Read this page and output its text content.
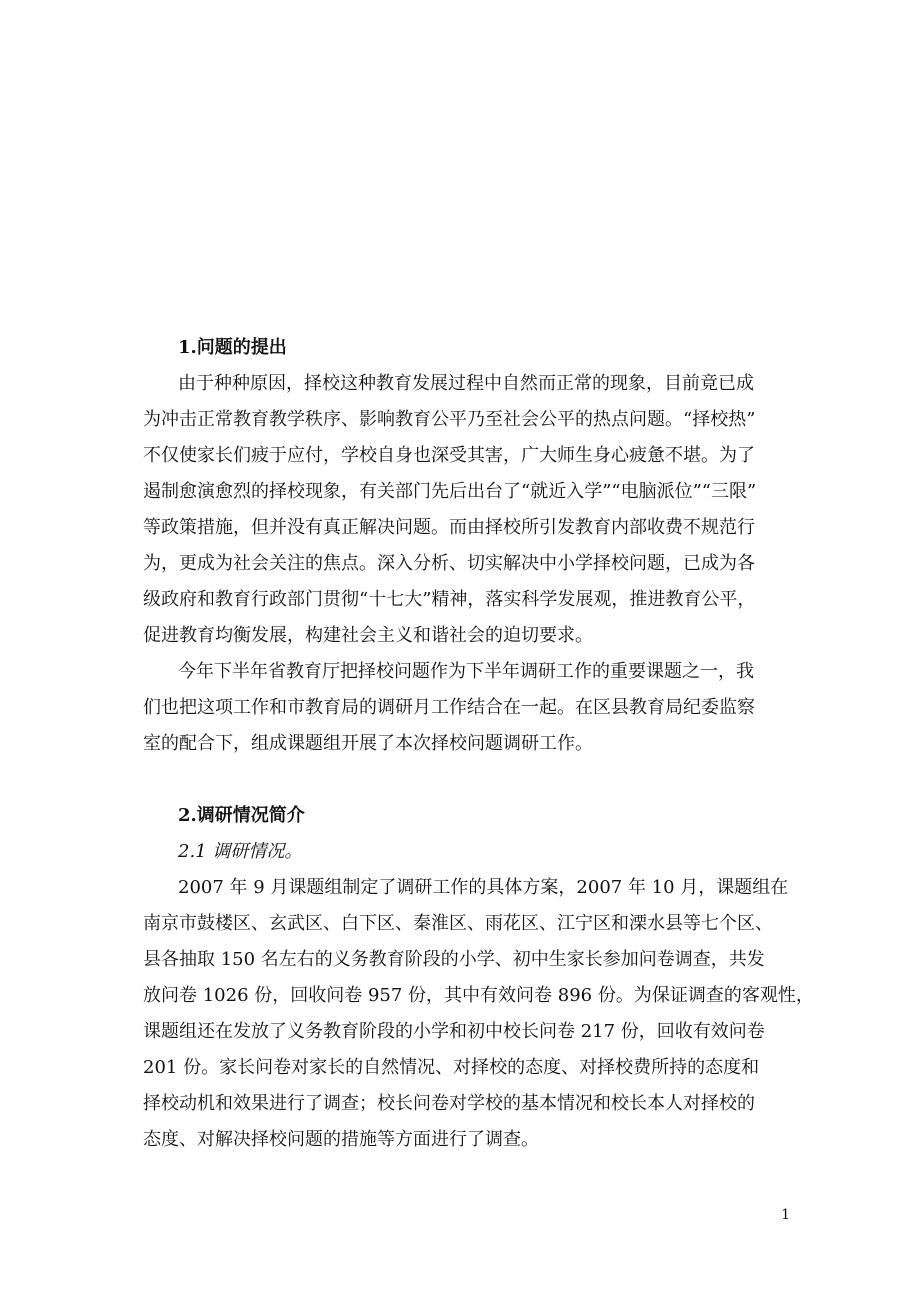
1.问题的提出
由于种种原因，择校这种教育发展过程中自然而正常的现象，目前竟已成
为冲击正常教育教学秩序、影响教育公平乃至社会公平的热点问题。“择校热”
不仅使家长们疲于应付，学校自身也深受其害，广大师生身心疲惫不堪。为了
遏制愈演愈烈的择校现象，有关部门先后出台了“就近入学”“电脑派位”“三限”
等政策措施，但并没有真正解决问题。而由择校所引发教育内部收费不规范行
为，更成为社会关注的焦点。深入分析、切实解决中小学择校问题，已成为各
级政府和教育行政部门贯彻“十七大”精神，落实科学发展观，推进教育公平，
促进教育均衡发展，构建社会主义和谐社会的迫切要求。
今年下半年省教育厅把择校问题作为下半年调研工作的重要课题之一，我
们也把这项工作和市教育局的调研月工作结合在一起。在区县教育局纪委监察
室的配合下，组成课题组开展了本次择校问题调研工作。
2.调研情况简介
2.1 调研情况。
2007 年 9 月课题组制定了调研工作的具体方案，2007 年 10 月，课题组在
南京市鼓楼区、玄武区、白下区、秦淮区、雨花区、江宁区和溧水县等七个区、
县各抽取 150 名左右的义务教育阶段的小学、初中生家长参加问卷调查，共发
放问卷 1026 份，回收问卷 957 份，其中有效问卷 896 份。为保证调查的客观性，
课题组还在发放了义务教育阶段的小学和初中校长问卷 217 份，回收有效问卷
201 份。家长问卷对家长的自然情况、对择校的态度、对择校费所持的态度和
择校动机和效果进行了调查；校长问卷对学校的基本情况和校长本人对择校的
态度、对解决择校问题的措施等方面进行了调查。
1
